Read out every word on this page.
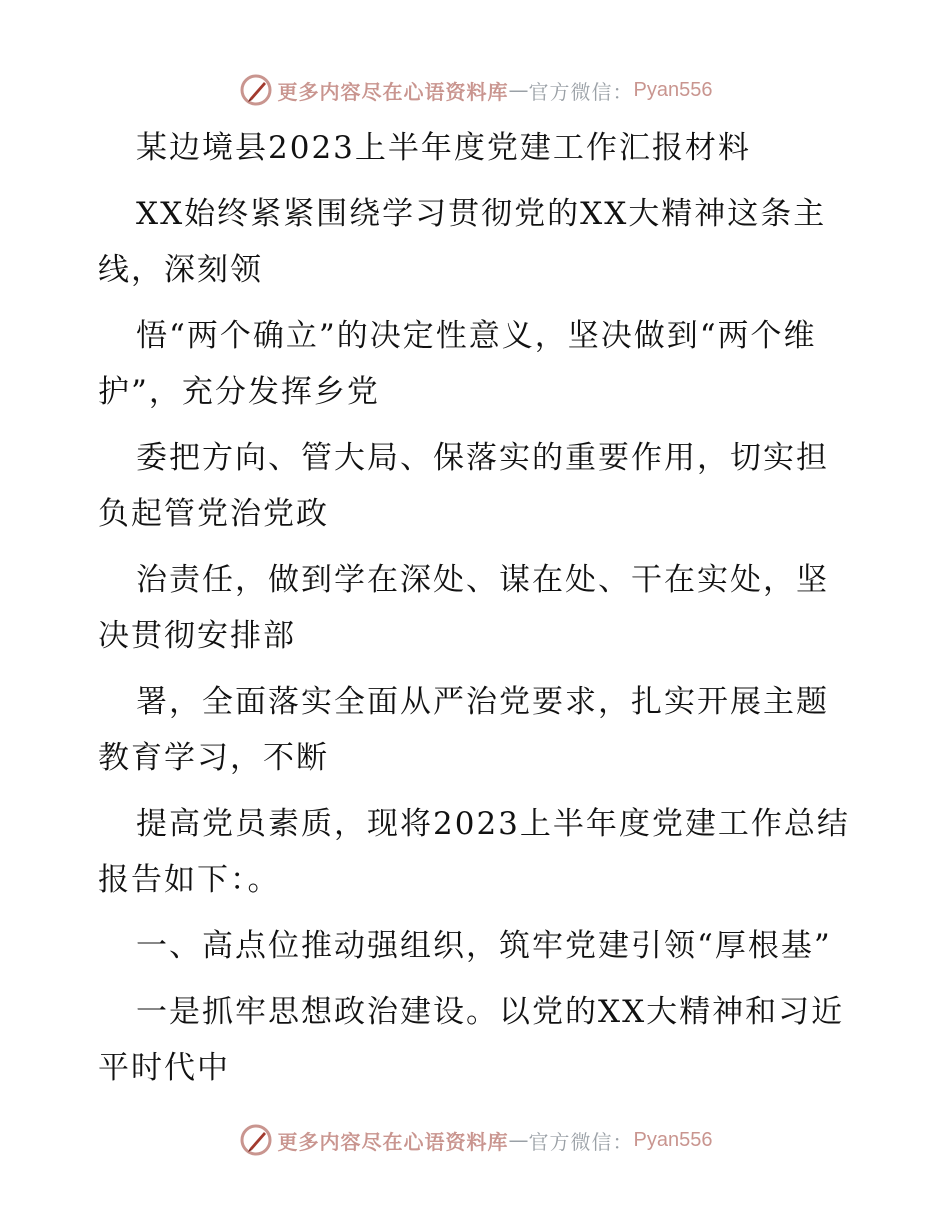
更多内容尽在心语资料库 — 官方微信： Pyan556

某边境县2023上半年度党建工作汇报材料

XX始终紧紧围绕学习贯彻党的XX大精神这条主线，深刻领

悟“两个确立”的决定性意义，坚决做到“两个维护”，充分发挥乡党

委把方向、管大局、保落实的重要作用，切实担负起管党治党政

治责任，做到学在深处、谋在处、干在实处，坚决贯彻安排部

署，全面落实全面从严治党要求，扎实开展主题教育学习，不断

提高党员素质，现将2023上半年度党建工作总结报告如下：。

一、高点位推动强组织，筑牢党建引领“厚根基”

一是抓牢思想政治建设。以党的XX大精神和习近平时代中

更多内容尽在心语资料库 — 官方微信： Pyan556
